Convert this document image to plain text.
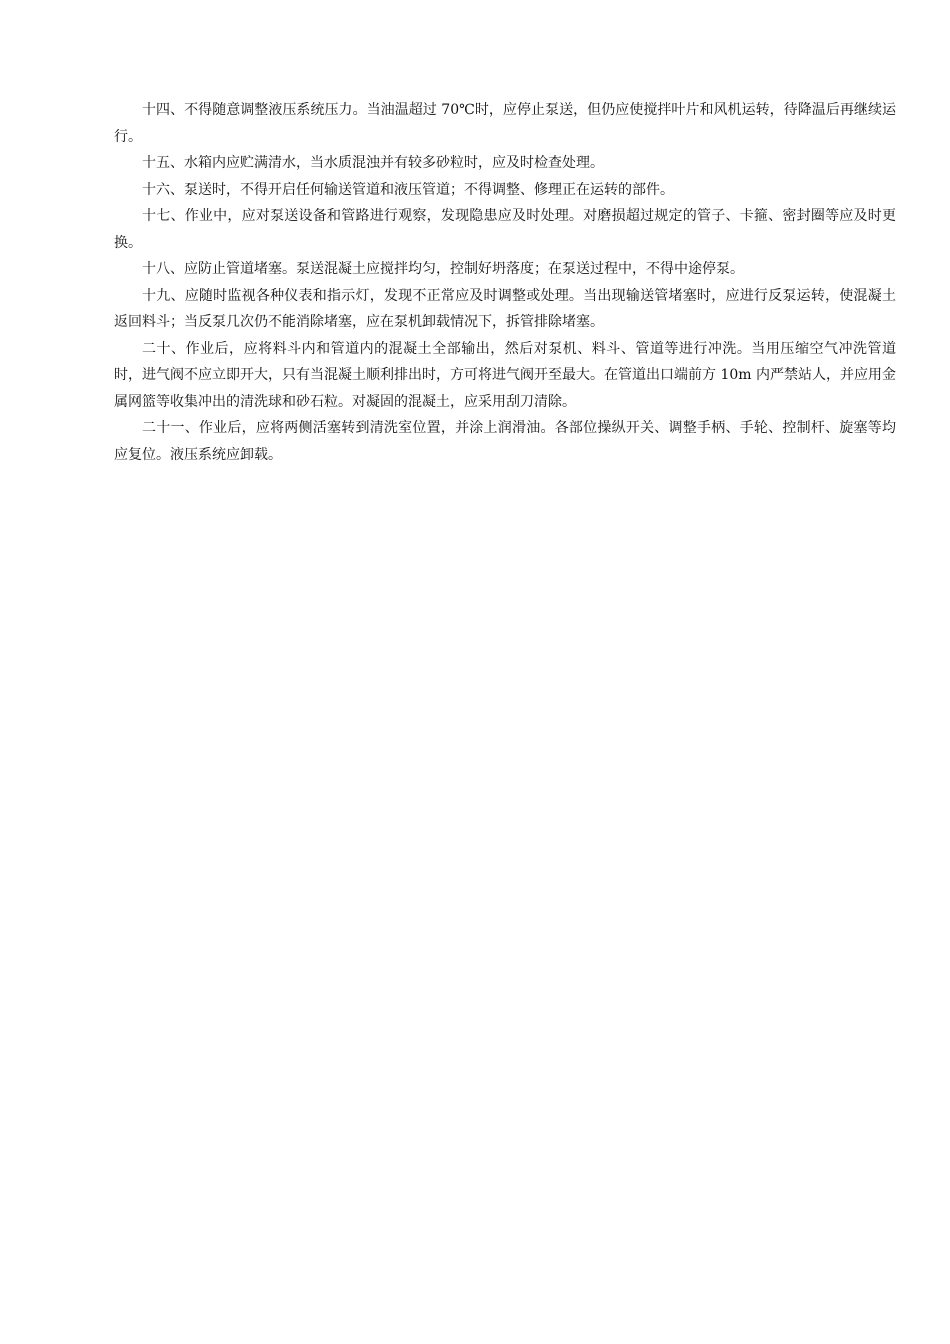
十四、不得随意调整液压系统压力。当油温超过 70℃时，应停止泵送，但仍应使搅拌叶片和风机运转，待降温后再继续运行。

十五、水箱内应贮满清水，当水质混浊并有较多砂粒时，应及时检查处理。

十六、泵送时，不得开启任何输送管道和液压管道；不得调整、修理正在运转的部件。

十七、作业中，应对泵送设备和管路进行观察，发现隐患应及时处理。对磨损超过规定的管子、卡箍、密封圈等应及时更换。

十八、应防止管道堵塞。泵送混凝土应搅拌均匀，控制好坍落度；在泵送过程中，不得中途停泵。

十九、应随时监视各种仪表和指示灯，发现不正常应及时调整或处理。当出现输送管堵塞时，应进行反泵运转，使混凝土返回料斗；当反泵几次仍不能消除堵塞，应在泵机卸载情况下，拆管排除堵塞。

二十、作业后，应将料斗内和管道内的混凝土全部输出，然后对泵机、料斗、管道等进行冲洗。当用压缩空气冲洗管道时，进气阀不应立即开大，只有当混凝土顺利排出时，方可将进气阀开至最大。在管道出口端前方 10m 内严禁站人，并应用金属网篮等收集冲出的清洗球和砂石粒。对凝固的混凝土，应采用刮刀清除。

二十一、作业后，应将两侧活塞转到清洗室位置，并涂上润滑油。各部位操纵开关、调整手柄、手轮、控制杆、旋塞等均应复位。液压系统应卸载。
